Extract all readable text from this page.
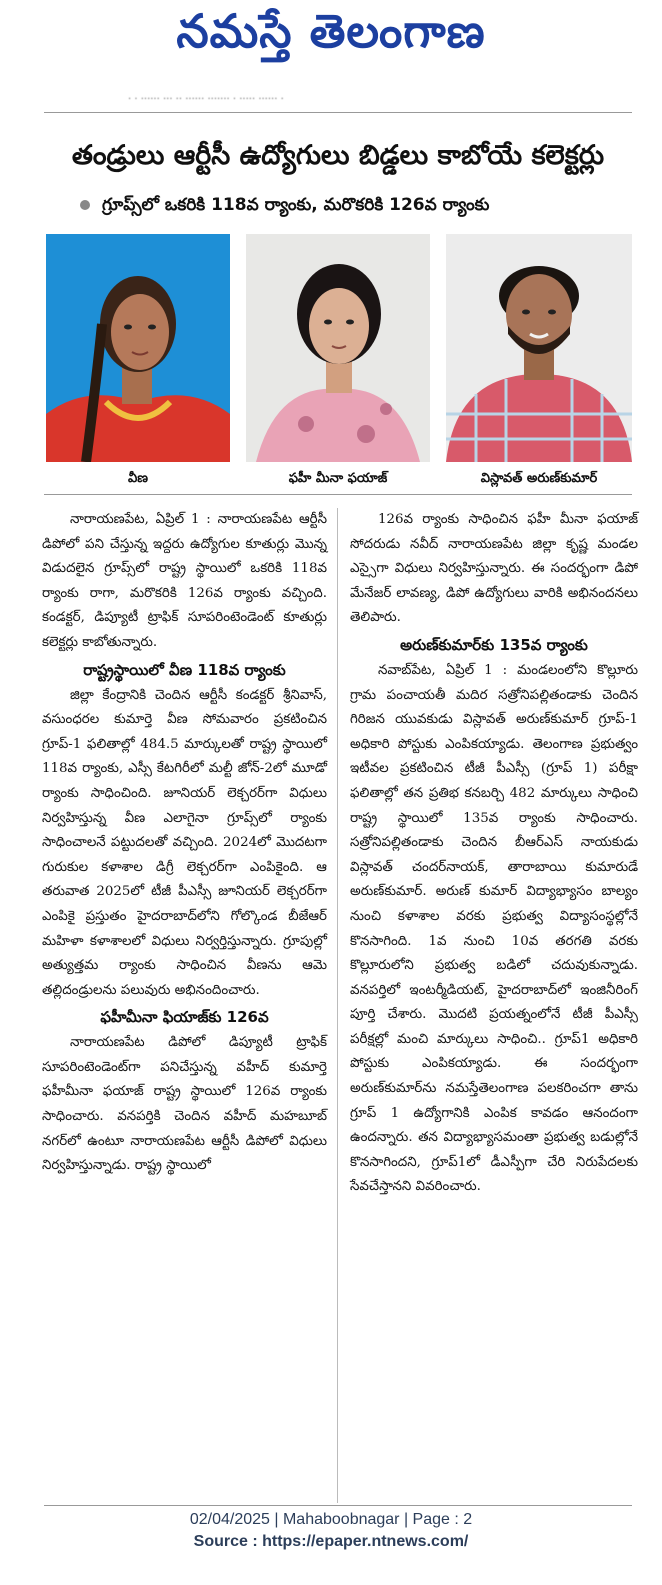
నమస్తే తెలంగాణ
· · ······ ··· ·· ······ ······· · ····· ······ ·
తండ్రులు ఆర్టీసీ ఉద్యోగులు బిడ్డలు కాబోయే కలెక్టర్లు
గ్రూప్స్‌లో ఒకరికి 118వ ర్యాంకు, మరొకరికి 126వ ర్యాంకు
వీణ	ఫహీ మీనా ఫయాజ్	విస్లావత్ అరుణ్‌కుమార్

నారాయణపేట, ఏప్రిల్ 1 : నారాయణపేట ఆర్టీసీ డిపోలో పని చేస్తున్న ఇద్దరు ఉద్యోగుల కూతుర్లు మొన్న విడుదలైన గ్రూప్స్‌లో రాష్ట్ర స్థాయిలో ఒకరికి 118వ ర్యాంకు రాగా, మరొకరికి 126వ ర్యాంకు వచ్చింది. కండక్టర్, డిప్యూటీ ట్రాఫిక్ సూపరింటెండెంట్ కూతుర్లు కలెక్టర్లు కాబోతున్నారు.

రాష్ట్రస్థాయిలో వీణ 118వ ర్యాంకు

జిల్లా కేంద్రానికి చెందిన ఆర్టీసీ కండక్టర్ శ్రీనివాస్, వసుంధరల కుమార్తె వీణ సోమవారం ప్రకటించిన గ్రూప్-1 ఫలితాల్లో 484.5 మార్కులతో రాష్ట్ర స్థాయిలో 118వ ర్యాంకు, ఎస్సీ కేటగిరీలో మల్టీ జోన్-2లో మూడో ర్యాంకు సాధించింది. జూనియర్ లెక్చరర్‌గా విధులు నిర్వహిస్తున్న వీణ ఎలాగైనా గ్రూప్స్‌లో ర్యాంకు సాధించాలనే పట్టుదలతో వచ్చింది. 2024లో మొదటగా గురుకుల కళాశాల డిగ్రీ లెక్చరర్‌గా ఎంపికైంది. ఆ తరువాత 2025లో టీజీ పీఎస్సీ జూనియర్ లెక్చరర్‌గా ఎంపికై ప్రస్తుతం హైదరాబాద్‌లోని గోల్కొండ బీజేఆర్ మహిళా కళాశాలలో విధులు నిర్వర్తిస్తున్నారు. గ్రూపుల్లో అత్యుత్తమ ర్యాంకు సాధించిన వీణను ఆమె తల్లిదండ్రులను పలువురు అభినందించారు.

ఫహీమీనా ఫియాజ్‌కు 126వ

నారాయణపేట డిపోలో డిప్యూటీ ట్రాఫిక్ సూపరింటెండెంట్‌గా పనిచేస్తున్న వహీద్ కుమార్తె ఫహీమీనా ఫయాజ్ రాష్ట్ర స్థాయిలో 126వ ర్యాంకు సాధించారు. వనపర్తికి చెందిన వహీద్ మహబూబ్ నగర్‌లో ఉంటూ నారాయణపేట ఆర్టీసీ డిపోలో విధులు నిర్వహిస్తున్నాడు. రాష్ట్ర స్థాయిలో

126వ ర్యాంకు సాధించిన ఫహీ మీనా ఫయాజ్ సోదరుడు నవీద్ నారాయణపేట జిల్లా కృష్ణ మండల ఎస్సైగా విధులు నిర్వహిస్తున్నారు. ఈ సందర్భంగా డిపో మేనేజర్ లావణ్య, డిపో ఉద్యోగులు వారికి అభినందనలు తెలిపారు.

అరుణ్‌కుమార్‌కు 135వ ర్యాంకు

నవాబ్‌పేట, ఏప్రిల్ 1 : మండలంలోని కొల్లూరు గ్రామ పంచాయతీ మదిర సత్రోనిపల్లితండాకు చెందిన గిరిజన యువకుడు విస్లావత్ అరుణ్‌కుమార్ గ్రూప్-1 అధికారి పోస్టుకు ఎంపికయ్యాడు. తెలంగాణ ప్రభుత్వం ఇటీవల ప్రకటించిన టీజీ పీఎస్సీ (గ్రూప్ 1) పరీక్షా ఫలితాల్లో తన ప్రతిభ కనబర్చి 482 మార్కులు సాధించి రాష్ట్ర స్థాయిలో 135వ ర్యాంకు సాధించారు. సత్రోనిపల్లితండాకు చెందిన బీఆర్ఎస్ నాయకుడు విస్లావత్ చందర్‌నాయక్, తారాబాయి కుమారుడే అరుణ్‌కుమార్. అరుణ్ కుమార్ విద్యాభ్యాసం బాల్యం నుంచి కళాశాల వరకు ప్రభుత్వ విద్యాసంస్థల్లోనే కొనసాగింది. 1వ నుంచి 10వ తరగతి వరకు కొల్లూరులోని ప్రభుత్వ బడిలో చదువుకున్నాడు. వనపర్తిలో ఇంటర్మీడియట్, హైదరాబాద్‌లో ఇంజినీరింగ్ పూర్తి చేశారు. మొదటి ప్రయత్నంలోనే టీజీ పీఎస్సీ పరీక్షల్లో మంచి మార్కులు సాధించి.. గ్రూప్1 అధికారి పోస్టుకు ఎంపికయ్యాడు. ఈ సందర్భంగా అరుణ్‌కుమార్‌ను నమస్తేతెలంగాణ పలకరించగా తాను గ్రూప్ 1 ఉద్యోగానికి ఎంపిక కావడం ఆనందంగా ఉందన్నారు. తన విద్యాభ్యాసమంతా ప్రభుత్వ బడుల్లోనే కొనసాగిందని, గ్రూప్1లో డీఎస్పీగా చేరి నిరుపేదలకు సేవచేస్తానని వివరించారు.

02/04/2025 | Mahaboobnagar | Page : 2
Source : https://epaper.ntnews.com/
